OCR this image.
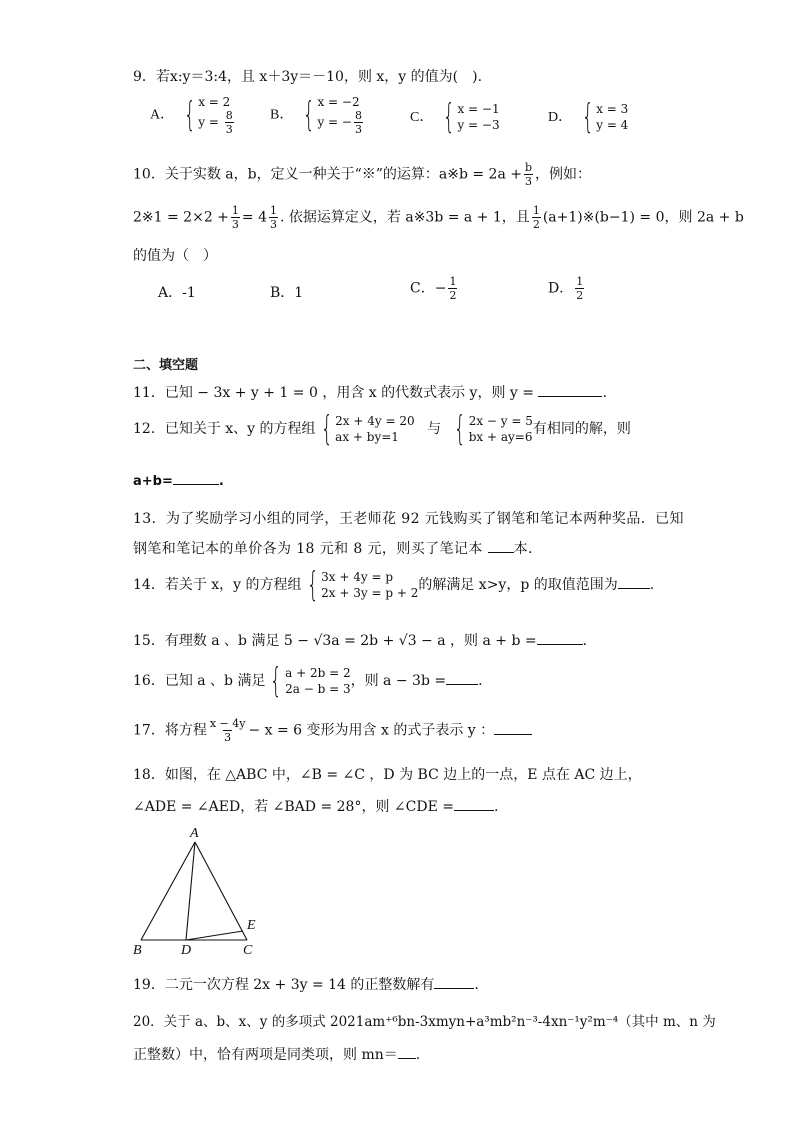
9．若x:y＝3:4，且 x＋3y＝－10，则 x，y 的值为(　).
A． { x = 2
$y = \frac{8}{3}$	B． { x = −2
y = − $\frac{8}{3}$	C． { x = −1
y = −3	D． { x = 3
y = 4
10．关于实数 a，b，定义一种关于“※”的运算：a※b = $2a + \frac{b}{3}$ ，例如：
2※1 = $2\times 2 + \frac{1}{3} = 4 \frac{1}{3}$ . 依据运算定义，若 a※3b = a + 1，且 $\frac{1}{2}$ (a+1)※(b−1) = 0，则 2a + b
的值为（　）
A．-1	B．1	C．− $\frac{1}{2}$	D． $\frac{1}{2}$
二、填空题
11．已知 − 3x + y + 1 = 0 ，用含 x 的代数式表示 y，则 y =	.
12．已知关于 x、y 的方程组 { 2x + 4y = 20
ax + by=1	与 { 2x − y = 5
bx + ay=6 有相同的解，则
a+b=	.
13．为了奖励学习小组的同学，王老师花 92 元钱购买了钢笔和笔记本两种奖品．已知
钢笔和笔记本的单价各为 18 元和 8 元，则买了笔记本 本．
14．若关于 x，y 的方程组 { 3x + 4y = p
2x + 3y = p + 2 的解满足 x>y，p 的取值范围为 .
15．有理数 a 、b 满足 5 − √3a = 2b + √3 − a ，则 a + b =	.
16．已知 a 、b 满足 { a + 2b = 2
2a − b = 3 ，则 a − 3b = .
17．将方程 $\frac{x - 4y}{3} - x = 6$ 变形为用含 x 的式子表示 y ：
18．如图，在 △ABC 中，∠B = ∠C ，D 为 BC 边上的一点，E 点在 AC 边上，
∠ADE = ∠AED，若 ∠BAD = 28°，则 ∠CDE =	.
A
B	D	C
E
19．二元一次方程 2x + 3y = 14 的正整数解有	.
20．关于 a、b、x、y 的多项式 2021am⁺⁶bn-3xmyn+a³mb²n⁻³-4xn⁻¹y²m⁻⁴（其中 m、n 为
正整数）中，恰有两项是同类项，则 mn＝ .
